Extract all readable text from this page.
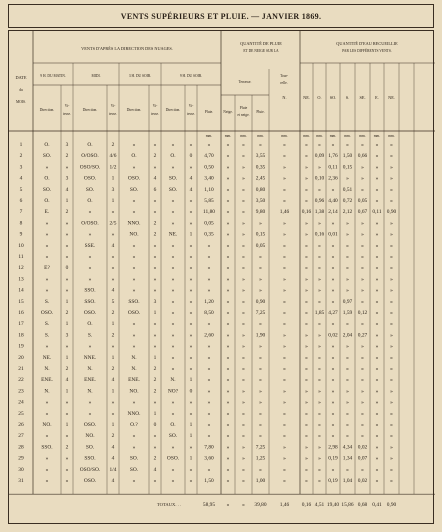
VENTS SUPÉRIEURS ET PLUIE. — JANVIER 1869.
VENTS D'APRÈS LA DIRECTION DES NUAGES.
QUANTITÉ DE PLUIE
ET DE NEIGE SUR LA
QUANTITÉ D'EAU RECUEILLIE
PAR LES DIFFÉRENTS VENTS.
DATE
du
MOIS.
9 H. DU MATIN.	MIDI.	3 H. DU SOIR.	9 H. DU SOIR.
Direction.
Vi-
tesse.
Direction.
Vi-
tesse.
Direction.
Vi-
tesse.
Direction.
Vi-
tesse.
Terrasse.
Tour-
relle.
Pluie.	Neige.
Pluie
et neige.
Pluie.
N.	NE. O. SO. S. SE. E. NE.
mm.	mm.	mm.	mm.	mm.	mm. mm. mm. mm. mm. mm. mm.
1	O.	3	O.	2	»	»	»	»	»	» »	»	»	» » » » » » »
2	SO.	2 O/OSO. 4/6	O.	2	O.	0 4,70 » » 3,55	»	» 0,09 1,76 1,50 0,66 » »
3	»	» OSO/SO. 1/2	»	»	»	» 0,50 » » 0,35	»	» » 0,11 0,15 » » »
4	O.	3	OSO.	1	OSO.	4 SO. 4 3,40 » » 2,45	»	» 0,10 2,36 » » » »
5	SO.	4	SO.	3	SO.	6 SO. 4 1,10 » » 0,80	»	» » » 0,51 » » »
6	O.	1	O.	1	»	»	»	» 5,85 » » 3,50	»	» 0,96 4,40 0,72 0,05 » »
7	E.	2	»	»	»	»	»	» 11,80 » » 9,80	1,46 0,16 1,38 2,14 2,12 0,67 0,11 0,90
8	»	» O/OSO. 2/5 NNO. 2	»	» 0,05 » »	»	»	» » » » » » »
9	»	»	»	»	NO.	2 NE. 1 0,35 » » 0,15	»	» 0,16 0,01 » » » »
10	»	»	SSE.	4	»	»	»	»	»	» » 0,05	»	» » » » » » »
11	»	»	»	»	»	»	»	»	»	» »	»	»	» » » » » » »
12	E?	0	»	»	»	»	»	»	»	» »	»	»	» » » » » » »
13	»	»	»	»	»	»	»	»	»	» »	»	»	» » » » » » »
14	»	»	SSO.	4	»	»	»	»	»	» »	»	»	» » » » » » »
15	S.	1	SSO.	5	SSO.	3	»	» 1,20 » » 0,90	»	» » » 0,97 » » »
16	OSO. 2	OSO.	2	OSO.	1	»	» 8,50 » » 7,25	»	» 1,85 4,27 1,59 0,12 » »
17	S.	1	O.	1	»	»	»	»	»	» »	»	»	» » » » » » »
18	S.	3	S.	2	»	»	»	» 2,60 » » 1,90	»	» » 0,02 2,04 0,27 » »
19	»	»	»	»	»	»	»	»	»	» »	»	»	» » » » » » »
20	NE.	1	NNE.	1	N.	1	»	»	»	» »	»	»	» » » » » » »
21	N.	2	N.	2	N.	2	»	»	»	» »	»	»	» » » » » » »
22	ENE. 4	ENE.	4	ENE.	2	N.	1	»	» »	»	»	» » » » » » »
23	N.	1	N.	1	NO.	2 NO? 0	»	» »	»	»	» » » » » » »
24	»	»	»	»	»	»	»	»	»	» »	»	»	» » » » » » »
25	»	»	»	» NNO. 1	»	»	»	» »	»	»	» » » » » » »
26	NO.	1	OSO.	1	O.?	0	O.	1	»	» »	»	»	» » » » » » »
27	»	»	NO.	2	»	» SO. 1	»	» »	»	»	» » » » » » »
28	SSO. 2	SO.	4	»	»	»	» 7,80 » » 7,25	»	» » 2,98 4,34 0,02 » »
29	»	»	SSO.	4	SO.	2 OSO. 1 3,60 » » 1,25	»	» » 0,19 1,34 0,07 » »
30	»	» OSO/SO. 1/4 SO.	4	»	»	»	» »	»	»	» » » » » » »
31	»	»	OSO.	4	»	»	»	» 1,50 » » 1,00	»	» » 0,19 1,04 0,02 » »
TOTAUX. . .	58,95 » » 39,80 1,46 0,16 4,51 19,40 15,86 0,68 0,41 0,90
